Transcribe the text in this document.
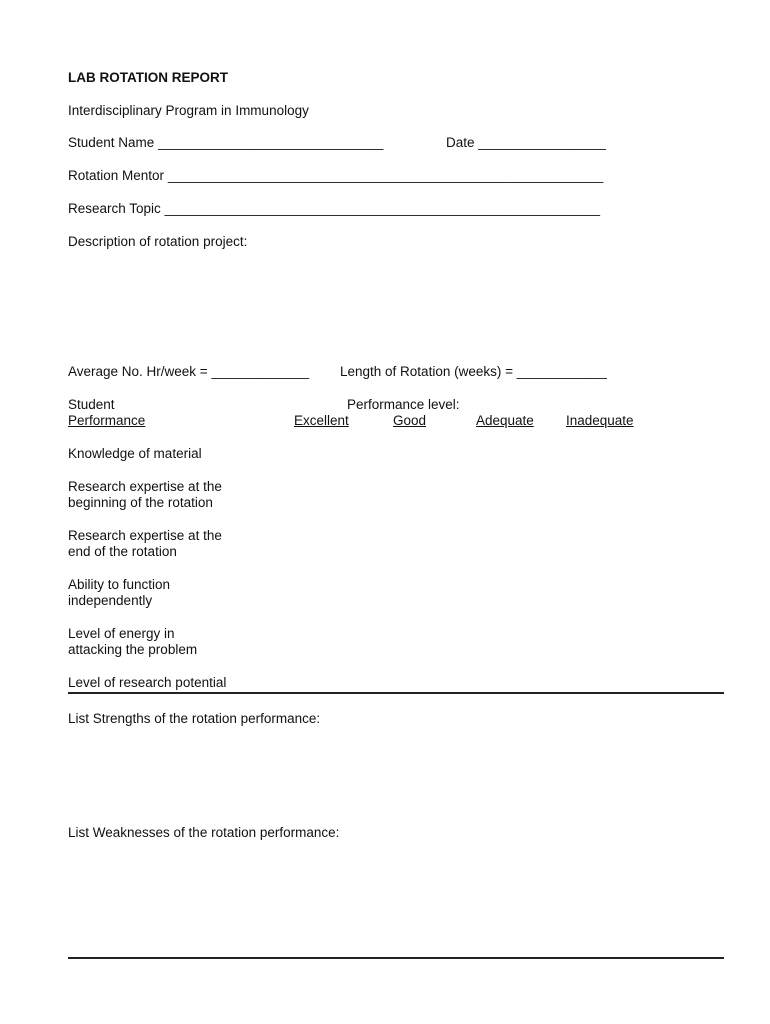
LAB ROTATION REPORT
Interdisciplinary Program in Immunology
Student Name ______________________________	Date _________________
Rotation Mentor __________________________________________________________
Research Topic __________________________________________________________
Description of rotation project:
Average No. Hr/week = _____________ Length of Rotation (weeks) = ____________
Student	Performance level:
Performance	Excellent	Good	Adequate Inadequate
Knowledge of material
Research expertise at the
beginning of the rotation
Research expertise at the
end of the rotation
Ability to function
independently
Level of energy in
attacking the problem
Level of research potential
List Strengths of the rotation performance:
List Weaknesses of the rotation performance:
